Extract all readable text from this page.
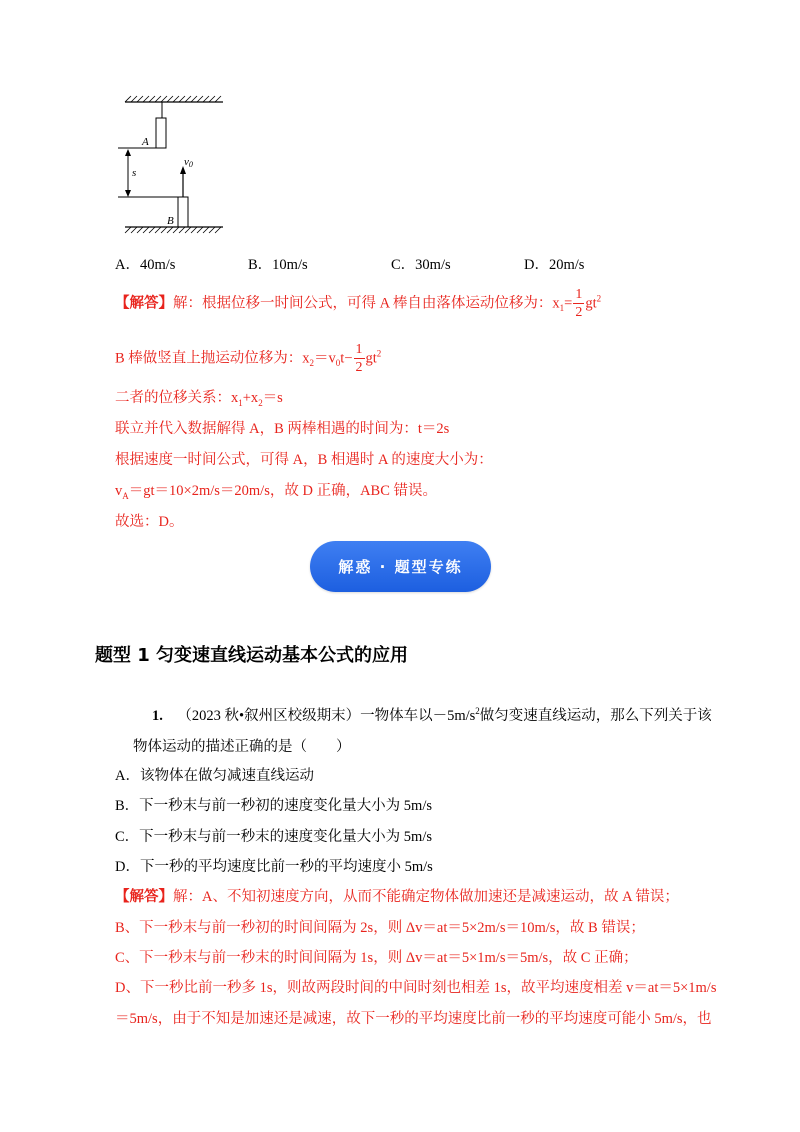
A
s
B
v0
A．40m/s	B．10m/s	C．30m/s	D．20m/s
【解答】解：根据位移一时间公式，可得 A 棒自由落体运动位移为：$x_1= \frac{1}{2} gt^2$
B 棒做竖直上抛运动位移为：$x_2=v_0t- \frac{1}{2} gt^2$
二者的位移关系：$x_1+x_2=s$
联立并代入数据解得 A，B 两棒相遇的时间为：t＝2s
根据速度一时间公式，可得 A，B 相遇时 A 的速度大小为：
$v_A=gt=10\times 2m/s=20m/s$，故 D 正确，ABC 错误。
故选：D。
解惑 · 题型专练
题型 1 匀变速直线运动基本公式的应用
1. （2023 秋•叙州区校级期末）一物体车以$-5m/s^2$做匀变速直线运动，那么下列关于该
物体运动的描述正确的是（　　）
A．该物体在做匀减速直线运动
B．下一秒末与前一秒初的速度变化量大小为 5m/s
C．下一秒末与前一秒末的速度变化量大小为 5m/s
D．下一秒的平均速度比前一秒的平均速度小 5m/s
【解答】解：A、不知初速度方向，从而不能确定物体做加速还是减速运动，故 A 错误；
B、下一秒末与前一秒初的时间间隔为 2s，则 Δv＝at＝5×2m/s＝10m/s，故 B 错误；
C、下一秒末与前一秒末的时间间隔为 1s，则 Δv＝at＝5×1m/s＝5m/s，故 C 正确；
D、下一秒比前一秒多 1s，则故两段时间的中间时刻也相差 1s，故平均速度相差 v＝at＝5×1m/s
＝5m/s，由于不知是加速还是减速，故下一秒的平均速度比前一秒的平均速度可能小 5m/s，也
